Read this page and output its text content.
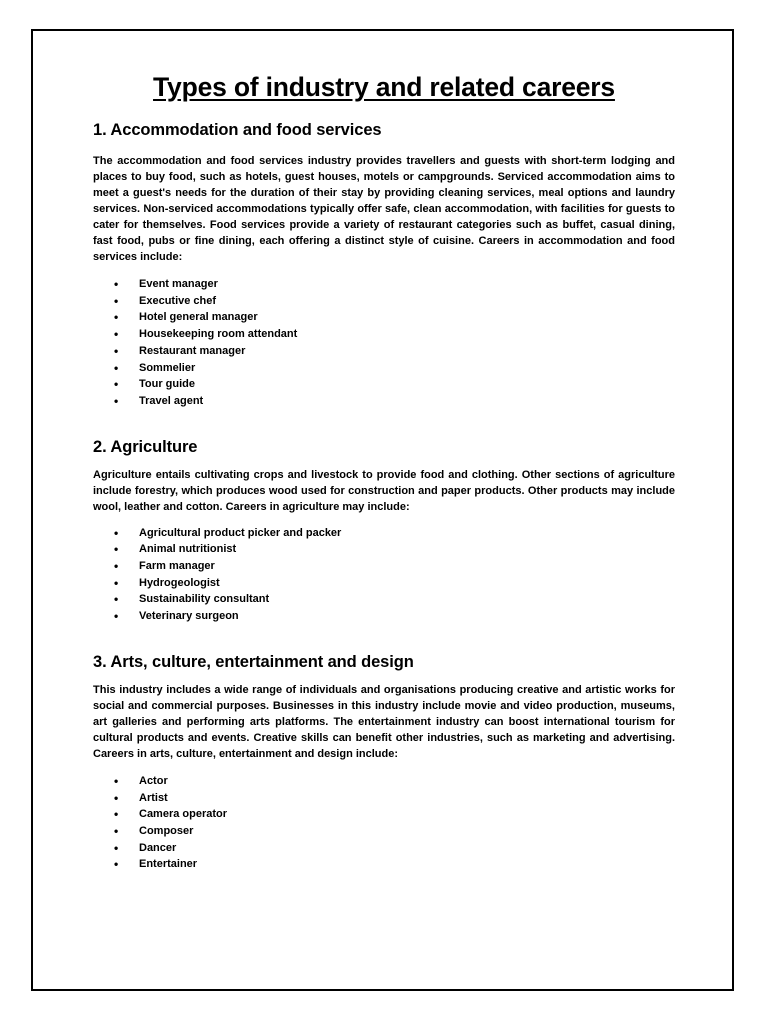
Types of industry and related careers
1. Accommodation and food services

The accommodation and food services industry provides travellers and guests with short-term lodging and places to buy food, such as hotels, guest houses, motels or campgrounds. Serviced accommodation aims to meet a guest's needs for the duration of their stay by providing cleaning services, meal options and laundry services. Non-serviced accommodations typically offer safe, clean accommodation, with facilities for guests to cater for themselves. Food services provide a variety of restaurant categories such as buffet, casual dining, fast food, pubs or fine dining, each offering a distinct style of cuisine. Careers in accommodation and food services include:

• Event manager
• Executive chef
• Hotel general manager
• Housekeeping room attendant
• Restaurant manager
• Sommelier
• Tour guide
• Travel agent
2. Agriculture

Agriculture entails cultivating crops and livestock to provide food and clothing. Other sections of agriculture include forestry, which produces wood used for construction and paper products. Other products may include wool, leather and cotton. Careers in agriculture may include:

• Agricultural product picker and packer
• Animal nutritionist
• Farm manager
• Hydrogeologist
• Sustainability consultant
• Veterinary surgeon
3. Arts, culture, entertainment and design

This industry includes a wide range of individuals and organisations producing creative and artistic works for social and commercial purposes. Businesses in this industry include movie and video production, museums, art galleries and performing arts platforms. The entertainment industry can boost international tourism for cultural products and events. Creative skills can benefit other industries, such as marketing and advertising. Careers in arts, culture, entertainment and design include:

• Actor
• Artist
• Camera operator
• Composer
• Dancer
• Entertainer
